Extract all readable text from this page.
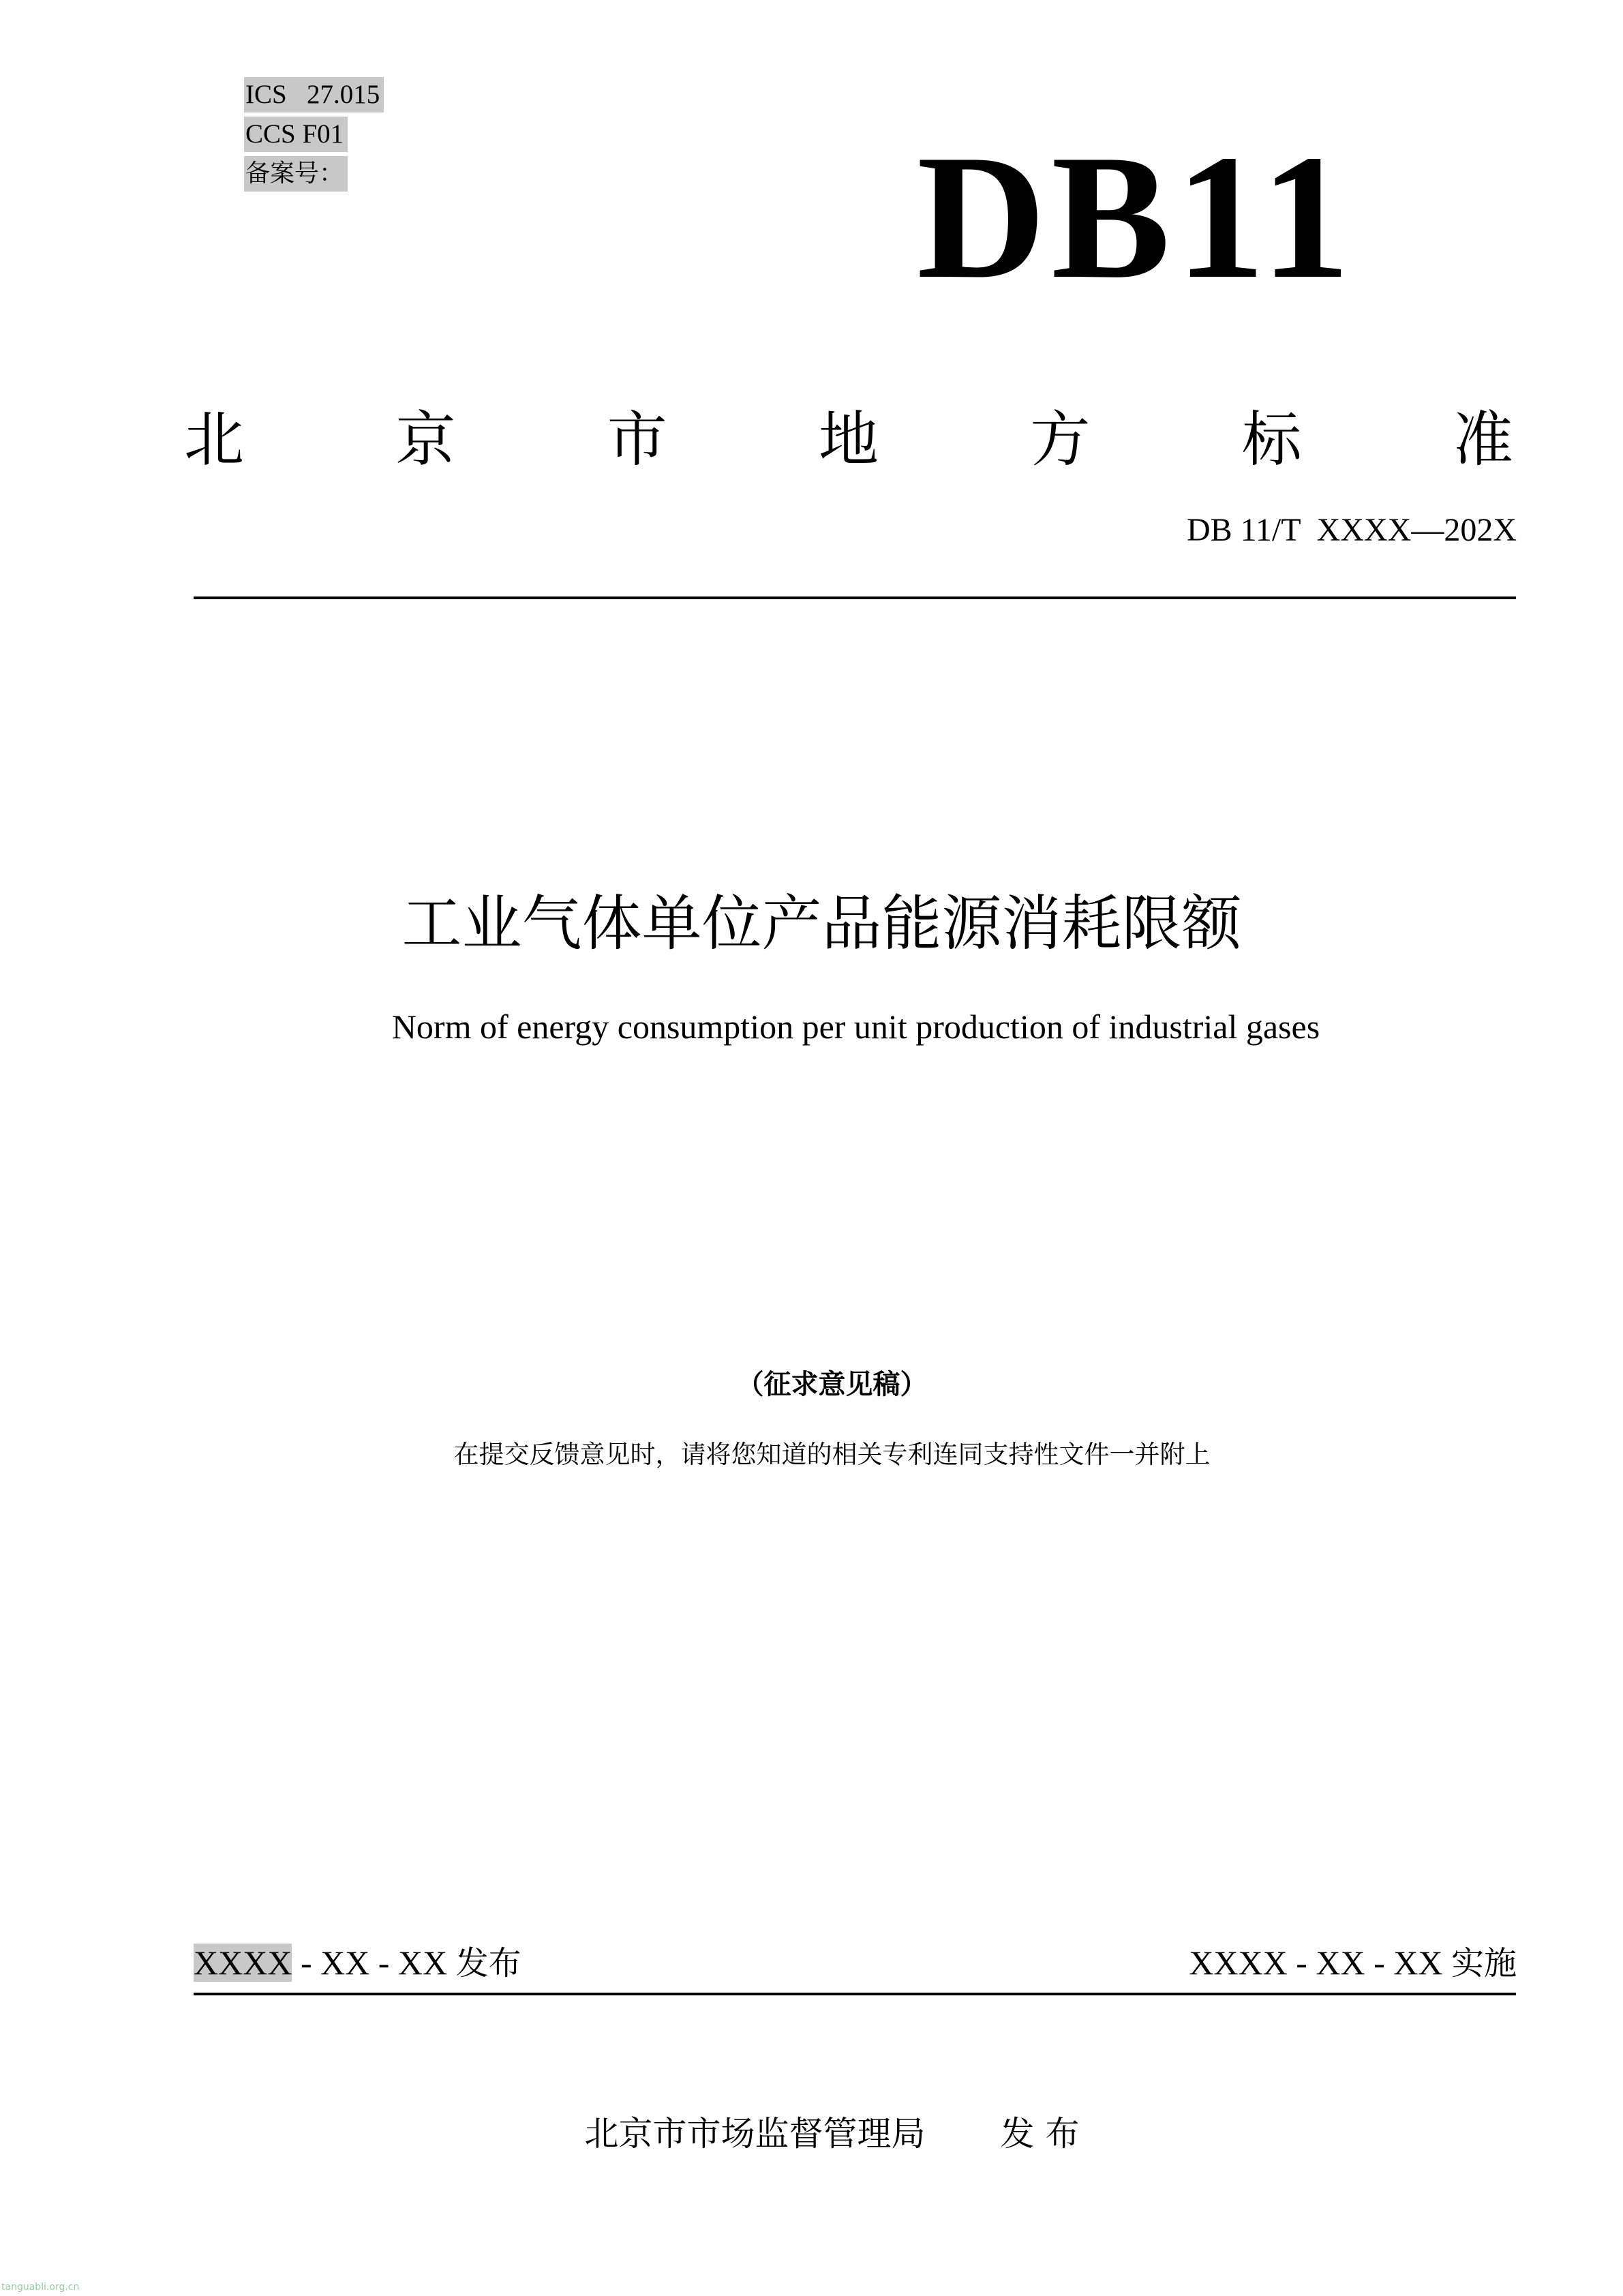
ICS   27.015
CCS F01
备案号：	DB11
北	京	市	地	方	标	准
DB 11/T  XXXX—202X
工业气体单位产品能源消耗限额
Norm of energy consumption per unit production of industrial gases
（征求意见稿）
在提交反馈意见时，请将您知道的相关专利连同支持性文件一并附上
XXXX - XX - XX 发布	XXXX - XX - XX 实施
北京市市场监督管理局 发 布
tanguabli.org.cn
